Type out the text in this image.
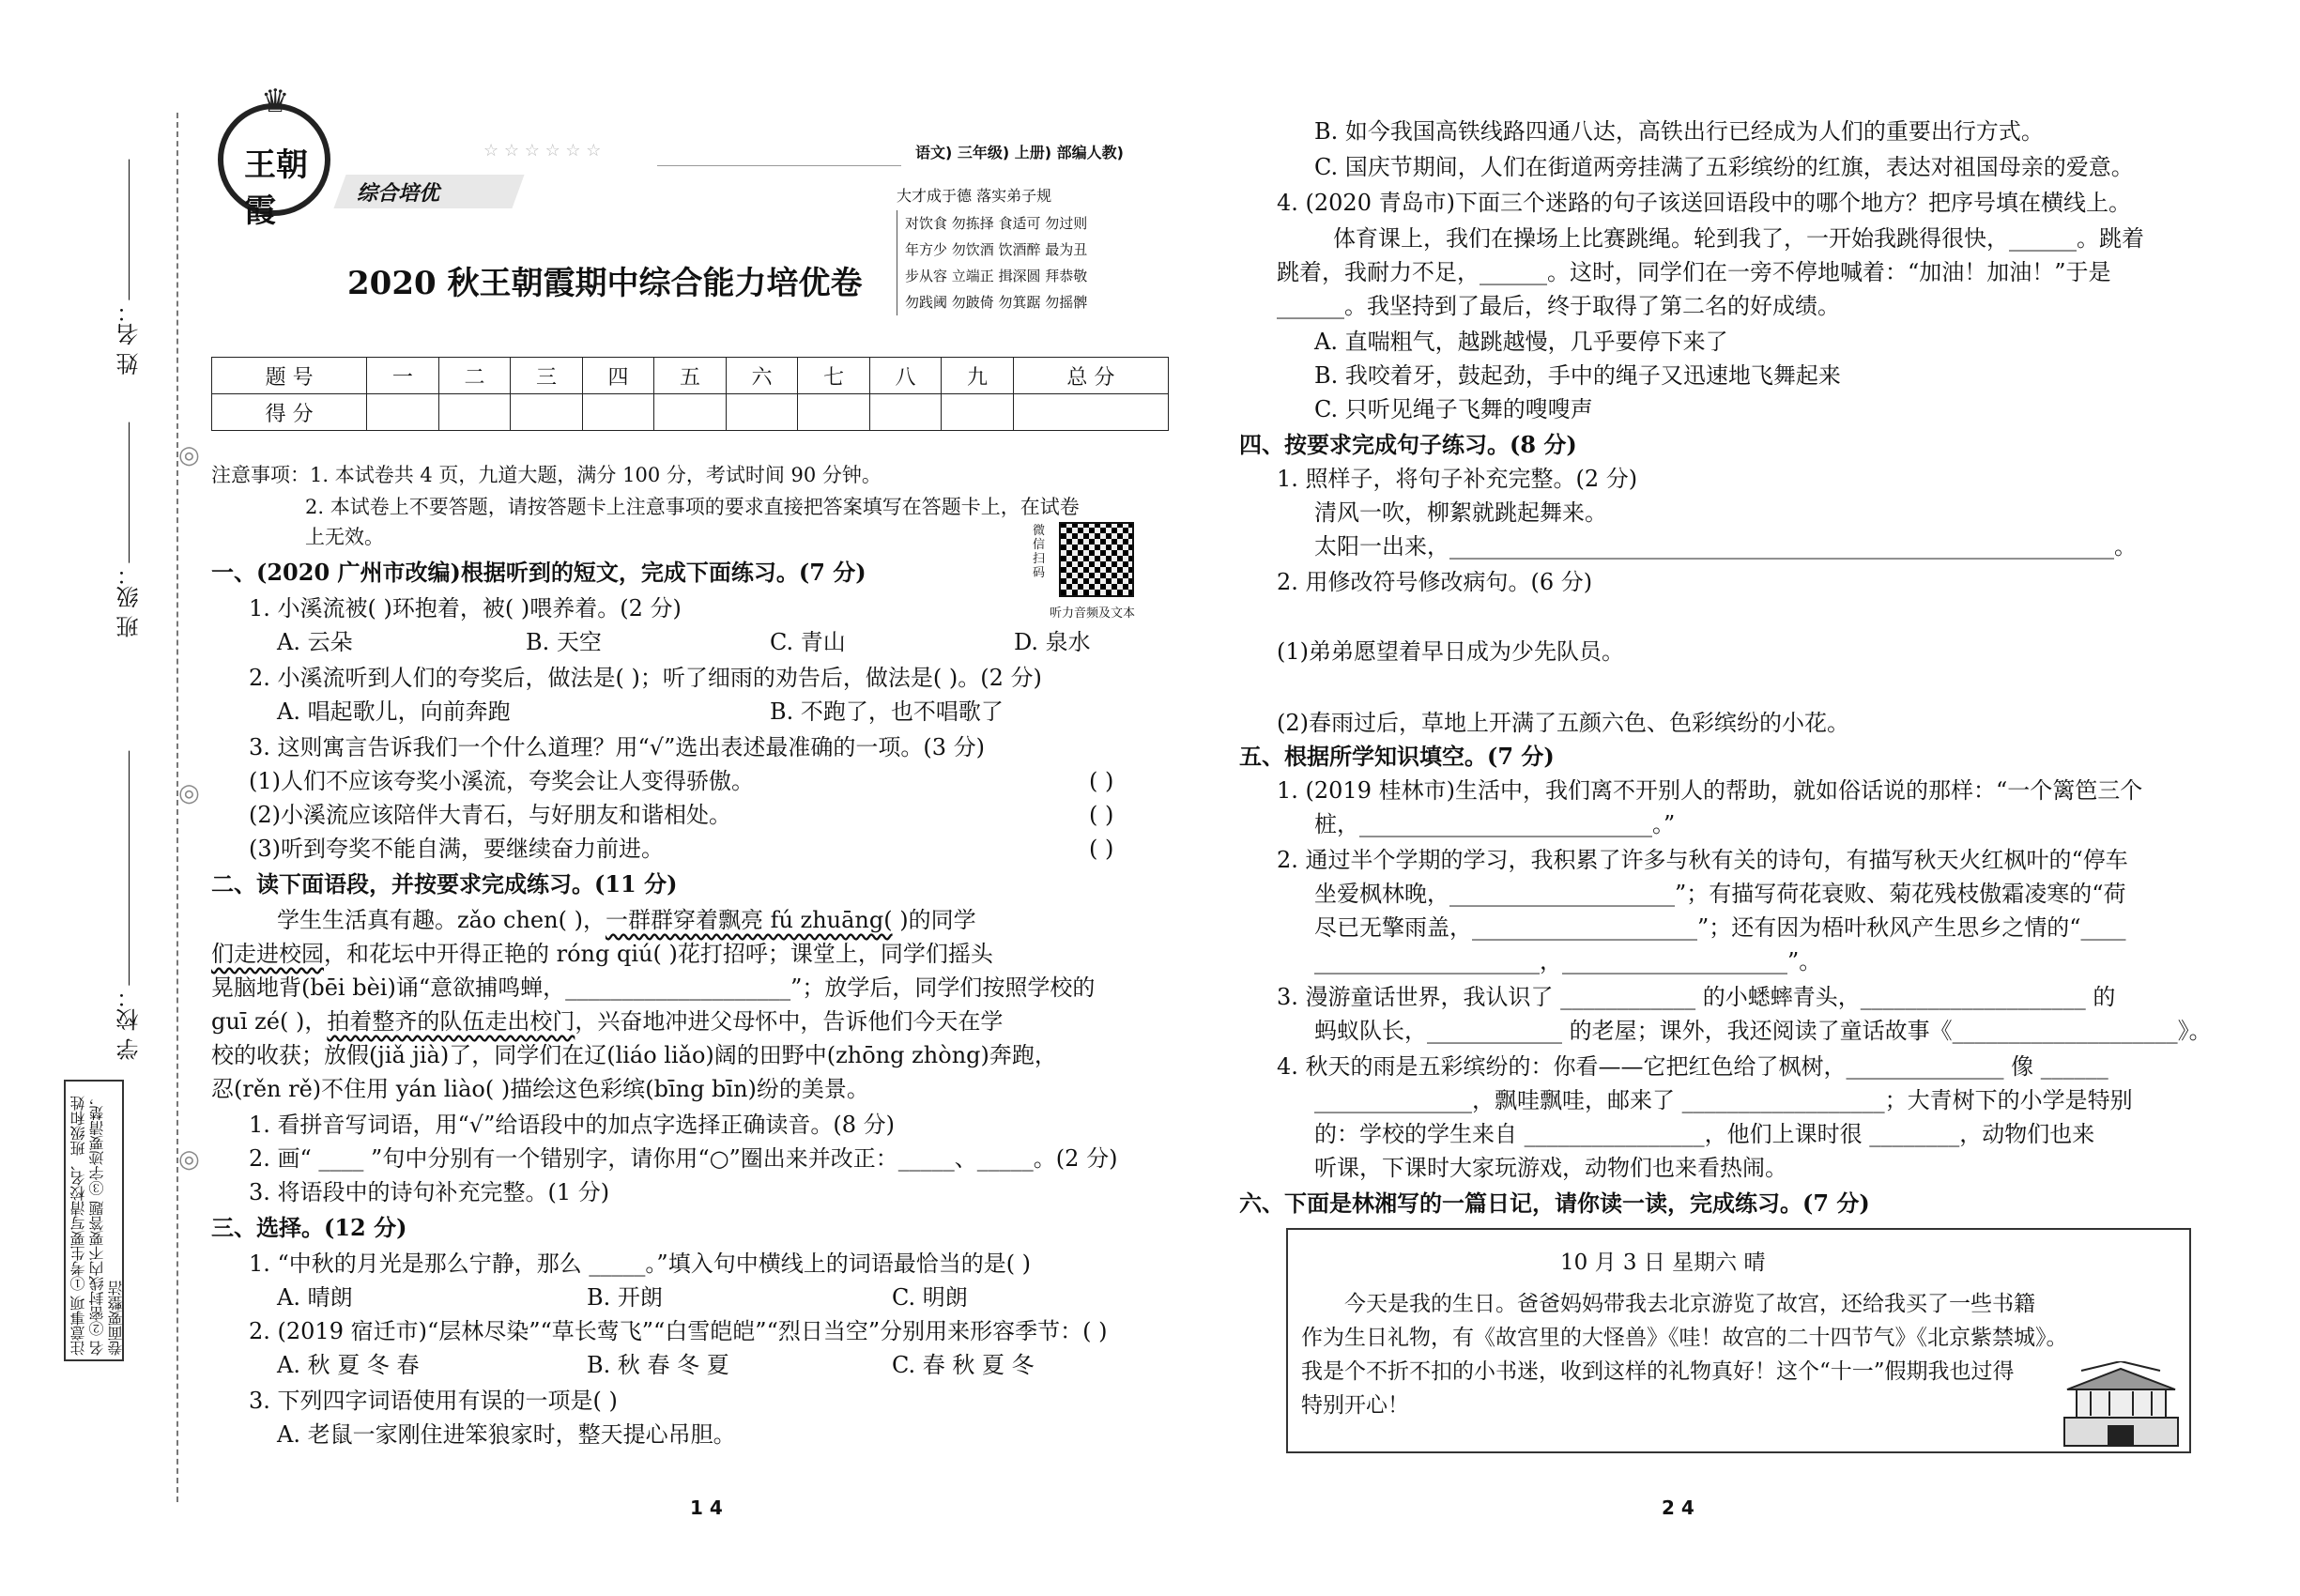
◎
◎
◎
姓 名：
班 级：
学 校：
注意事项 ①考生要写清校名、班级和姓名 ②密封线内不要答题 ③字迹要清楚，卷面要整洁
王朝霞
♛
综合培优
☆ ☆ ☆ ☆ ☆ ☆	语文) 三年级) 上册) 部编人教)
大才成于德 落实弟子规
对饮食 勿拣择 食适可 勿过则
年方少 勿饮酒 饮酒醉 最为丑
步从容 立端正 揖深圆 拜恭敬
勿践阈 勿跛倚 勿箕踞 勿摇髀
2020 秋王朝霞期中综合能力培优卷
题 号	一	二	三	四	五	六	七	八	九	总 分
得 分										
注意事项：1. 本试卷共 4 页，九道大题，满分 100 分，考试时间 90 分钟。
2. 本试卷上不要答题，请按答题卡上注意事项的要求直接把答案填写在答题卡上，在试卷
上无效。	微信扫码
听力音频及文本
一、(2020 广州市改编)根据听到的短文，完成下面练习。(7 分)
1. 小溪流被( )环抱着，被( )喂养着。(2 分)
A. 云朵	B. 天空	C. 青山	D. 泉水
2. 小溪流听到人们的夸奖后，做法是( )；听了细雨的劝告后，做法是( )。(2 分)
A. 唱起歌儿，向前奔跑	B. 不跑了，也不唱歌了
3. 这则寓言告诉我们一个什么道理？用“√”选出表述最准确的一项。(3 分)
(1)人们不应该夸奖小溪流，夸奖会让人变得骄傲。	( )
(2)小溪流应该陪伴大青石，与好朋友和谐相处。	( )
(3)听到夸奖不能自满，要继续奋力前进。	( )
二、读下面语段，并按要求完成练习。(11 分)
学生生活真有趣。zǎo chen( )，一群群穿着飘亮 fú zhuāng( )的同学
们走进校园，和花坛中开得正艳的 róng qiú( )花打招呼；课堂上，同学们摇头
晃脑地背(bēi bèi)诵“意欲捕鸣蝉，____________________”；放学后，同学们按照学校的
guī zé( )，拍着整齐的队伍走出校门，兴奋地冲进父母怀中，告诉他们今天在学
校的收获；放假(jiǎ jià)了，同学们在辽(liáo liǎo)阔的田野中(zhōng zhòng)奔跑，
忍(rěn rě)不住用 yán liào( )描绘这色彩缤(bīng bīn)纷的美景。
1. 看拼音写词语，用“√”给语段中的加点字选择正确读音。(8 分)
2. 画“ ____ ”句中分别有一个错别字，请你用“○”圈出来并改正：_____、_____。(2 分)
3. 将语段中的诗句补充完整。(1 分)
三、选择。(12 分)
1. “中秋的月光是那么宁静，那么 _____。”填入句中横线上的词语最恰当的是( )
A. 晴朗	B. 开朗	C. 明朗
2. (2019 宿迁市)“层林尽染”“草长莺飞”“白雪皑皑”“烈日当空”分别用来形容季节：( )
A. 秋 夏 冬 春	B. 秋 春 冬 夏	C. 春 秋 夏 冬
3. 下列四字词语使用有误的一项是( )
A. 老鼠一家刚住进笨狼家时，整天提心吊胆。
1 4
B. 如今我国高铁线路四通八达，高铁出行已经成为人们的重要出行方式。
C. 国庆节期间，人们在街道两旁挂满了五彩缤纷的红旗，表达对祖国母亲的爱意。
4. (2020 青岛市)下面三个迷路的句子该送回语段中的哪个地方？把序号填在横线上。
体育课上，我们在操场上比赛跳绳。轮到我了，一开始我跳得很快，______。跳着
跳着，我耐力不足，______。这时，同学们在一旁不停地喊着：“加油！加油！”于是
______。我坚持到了最后，终于取得了第二名的好成绩。
A. 直喘粗气，越跳越慢，几乎要停下来了
B. 我咬着牙，鼓起劲，手中的绳子又迅速地飞舞起来
C. 只听见绳子飞舞的嗖嗖声
四、按要求完成句子练习。(8 分)
1. 照样子，将句子补充完整。(2 分)
清风一吹，柳絮就跳起舞来。
太阳一出来，___________________________________________________________。
2. 用修改符号修改病句。(6 分)
(1)弟弟愿望着早日成为少先队员。
(2)春雨过后，草地上开满了五颜六色、色彩缤纷的小花。
五、根据所学知识填空。(7 分)
1. (2019 桂林市)生活中，我们离不开别人的帮助，就如俗话说的那样：“一个篱笆三个
桩，__________________________。”
2. 通过半个学期的学习，我积累了许多与秋有关的诗句，有描写秋天火红枫叶的“停车
坐爱枫林晚，____________________”；有描写荷花衰败、菊花残枝傲霜凌寒的“荷
尽已无擎雨盖，____________________”；还有因为梧叶秋风产生思乡之情的“____
____________________，____________________”。
3. 漫游童话世界，我认识了 ____________ 的小蟋蟀青头，____________________ 的
蚂蚁队长，____________ 的老屋；课外，我还阅读了童话故事《____________________》。
4. 秋天的雨是五彩缤纷的：你看——它把红色给了枫树，______________ 像 ______
______________，飘哇飘哇，邮来了 __________________；大青树下的小学是特别
的：学校的学生来自 ________________，他们上课时很 ________，动物们也来
听课，下课时大家玩游戏，动物们也来看热闹。
六、下面是林湘写的一篇日记，请你读一读，完成练习。(7 分)
10 月 3 日 星期六 晴
今天是我的生日。爸爸妈妈带我去北京游览了故宫，还给我买了一些书籍
作为生日礼物，有《故宫里的大怪兽》《哇！故宫的二十四节气》《北京紫禁城》。
我是个不折不扣的小书迷，收到这样的礼物真好！这个“十一”假期我也过得
特别开心！
2 4
